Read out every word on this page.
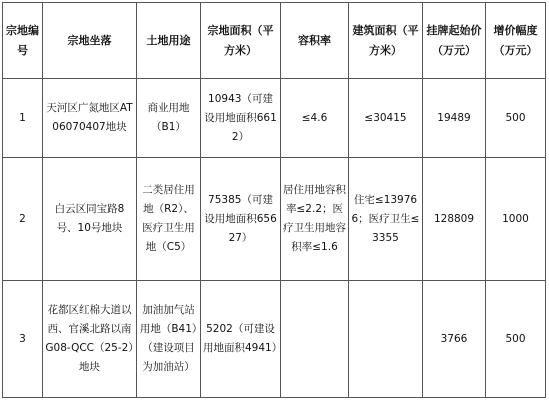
宗地编号	宗地坐落	土地用途	宗地面积（平方米）	容积率	建筑面积（平方米）	挂牌起始价（万元）	增价幅度（万元）
1	天河区广氮地区AT0607040​7地块	商业用地（B1）	10943（可建设用地面积6612）	≤4.6	≤30415	19489	500
2	白云区同宝路8号、10号地块	二类居住用地（R2）、医疗卫生用地（C5）	75385（可建设用地面积65627）	居住用地容积率≤2.2；医疗卫生用地容积率≤1.6	住宅≤139766；医疗卫生≤3355	128809	1000
3	花都区红棉大道以西、官溪北路以南G08-QCC（25-2）地块	加油加气站用地（B41）（建设项目为加油站）	5202（可建设用地面积4941）			3766	500
